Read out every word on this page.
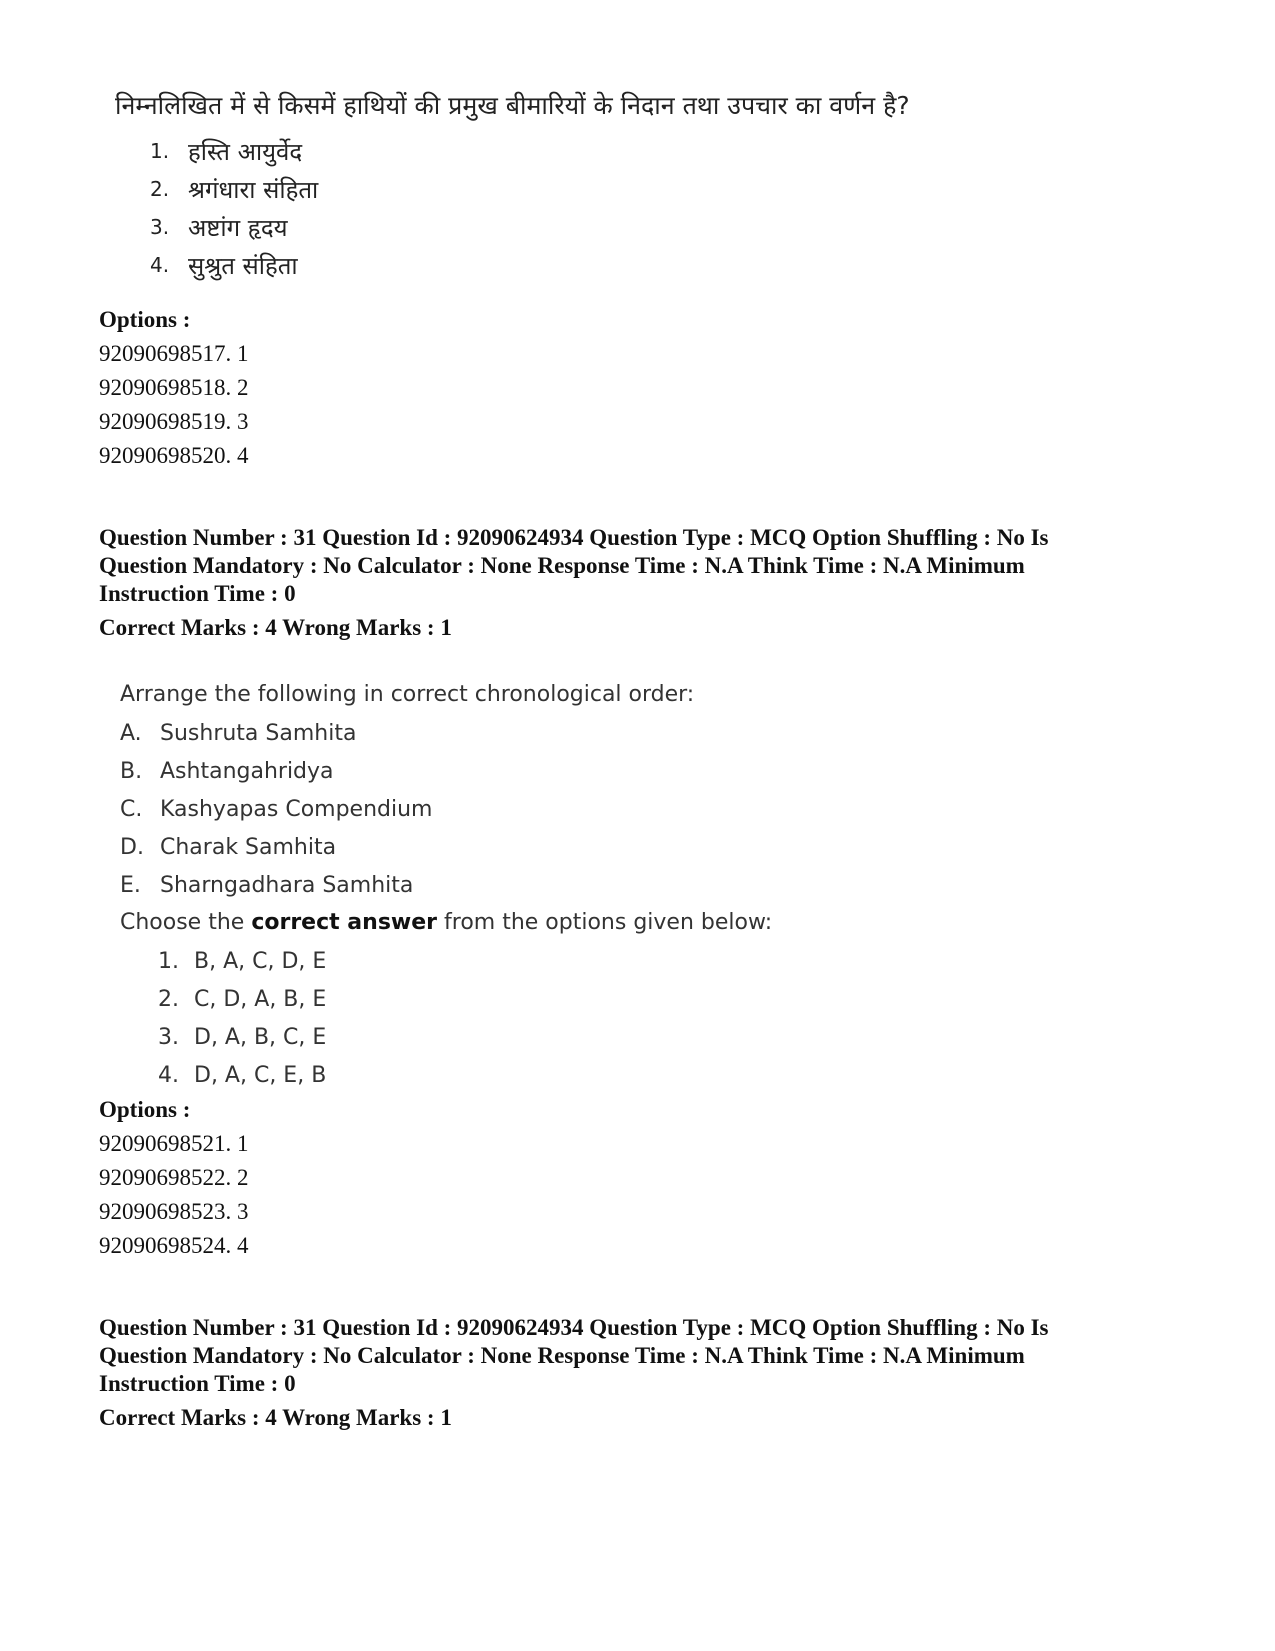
निम्नलिखित में से किसमें हाथियों की प्रमुख बीमारियों के निदान तथा उपचार का वर्णन है?
1. हस्ति आयुर्वेद
2. श्रगंधारा संहिता
3. अष्टांग हृदय
4. सुश्रुत संहिता
Options :
92090698517. 1
92090698518. 2
92090698519. 3
92090698520. 4
Question Number : 31 Question Id : 92090624934 Question Type : MCQ Option Shuffling : No Is
Question Mandatory : No Calculator : None Response Time : N.A Think Time : N.A Minimum
Instruction Time : 0
Correct Marks : 4 Wrong Marks : 1
Arrange the following in correct chronological order:
A. Sushruta Samhita
B. Ashtangahridya
C. Kashyapas Compendium
D. Charak Samhita
E. Sharngadhara Samhita
Choose the correct answer from the options given below:
1. B, A, C, D, E
2. C, D, A, B, E
3. D, A, B, C, E
4. D, A, C, E, B
Options :
92090698521. 1
92090698522. 2
92090698523. 3
92090698524. 4
Question Number : 31 Question Id : 92090624934 Question Type : MCQ Option Shuffling : No Is
Question Mandatory : No Calculator : None Response Time : N.A Think Time : N.A Minimum
Instruction Time : 0
Correct Marks : 4 Wrong Marks : 1
